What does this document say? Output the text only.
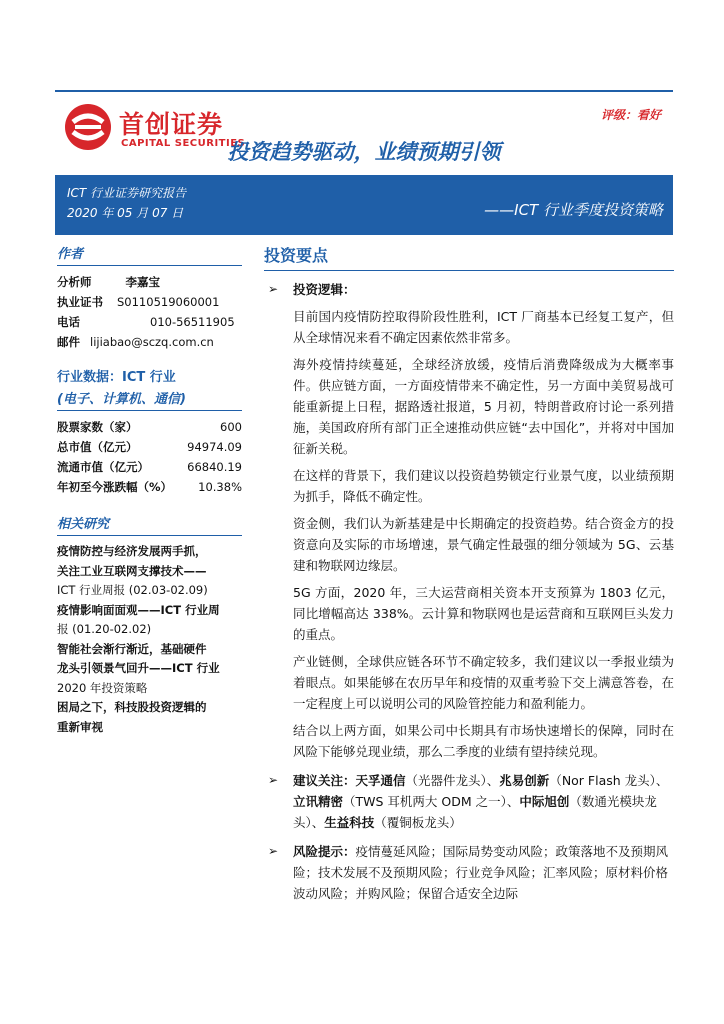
首创证券
CAPITAL SECURITIES
评级：看好
投资趋势驱动，业绩预期引领
ICT 行业证券研究报告
2020 年 05 月 07 日	——ICT 行业季度投资策略
作者
分析师	李嘉宝
执业证书	S0110519060001
电话	010-56511905
邮件 lijiabao@sczq.com.cn
行业数据：ICT 行业
(电子、计算机、通信)
股票家数（家）	600
总市值（亿元）	94974.09
流通市值（亿元）	66840.19
年初至今涨跌幅（%） 10.38%
相关研究
疫情防控与经济发展两手抓，
关注工业互联网支撑技术——
ICT 行业周报 (02.03-02.09)
疫情影响面面观——ICT 行业周
报 (01.20-02.02)
智能社会渐行渐近，基础硬件
龙头引领景气回升——ICT 行业
2020 年投资策略
困局之下，科技股投资逻辑的
重新审视
投资要点
➢ 投资逻辑：
目前国内疫情防控取得阶段性胜利，ICT 厂商基本已经复工复产，但从全球情况来看不确定因素依然非常多。
海外疫情持续蔓延，全球经济放缓，疫情后消费降级成为大概率事件。供应链方面，一方面疫情带来不确定性，另一方面中美贸易战可能重新提上日程，据路透社报道，5 月初，特朗普政府讨论一系列措施，美国政府所有部门正全速推动供应链“去中国化”，并将对中国加征新关税。
在这样的背景下，我们建议以投资趋势锁定行业景气度，以业绩预期为抓手，降低不确定性。
资金侧，我们认为新基建是中长期确定的投资趋势。结合资金方的投资意向及实际的市场增速，景气确定性最强的细分领域为 5G、云基建和物联网边缘层。
5G 方面，2020 年，三大运营商相关资本开支预算为 1803 亿元，同比增幅高达 338%。云计算和物联网也是运营商和互联网巨头发力的重点。
产业链侧，全球供应链各环节不确定较多，我们建议以一季报业绩为着眼点。如果能够在农历早年和疫情的双重考验下交上满意答卷，在一定程度上可以说明公司的风险管控能力和盈利能力。
结合以上两方面，如果公司中长期具有市场快速增长的保障，同时在风险下能够兑现业绩，那么二季度的业绩有望持续兑现。
➢ 建议关注：天孚通信（光器件龙头）、兆易创新（Nor Flash 龙头）、立讯精密（TWS 耳机两大 ODM 之一）、中际旭创（数通光模块龙头）、生益科技（覆铜板龙头）
➢ 风险提示：疫情蔓延风险；国际局势变动风险；政策落地不及预期风险；技术发展不及预期风险；行业竞争风险；汇率风险；原材料价格波动风险；并购风险；保留合适安全边际
